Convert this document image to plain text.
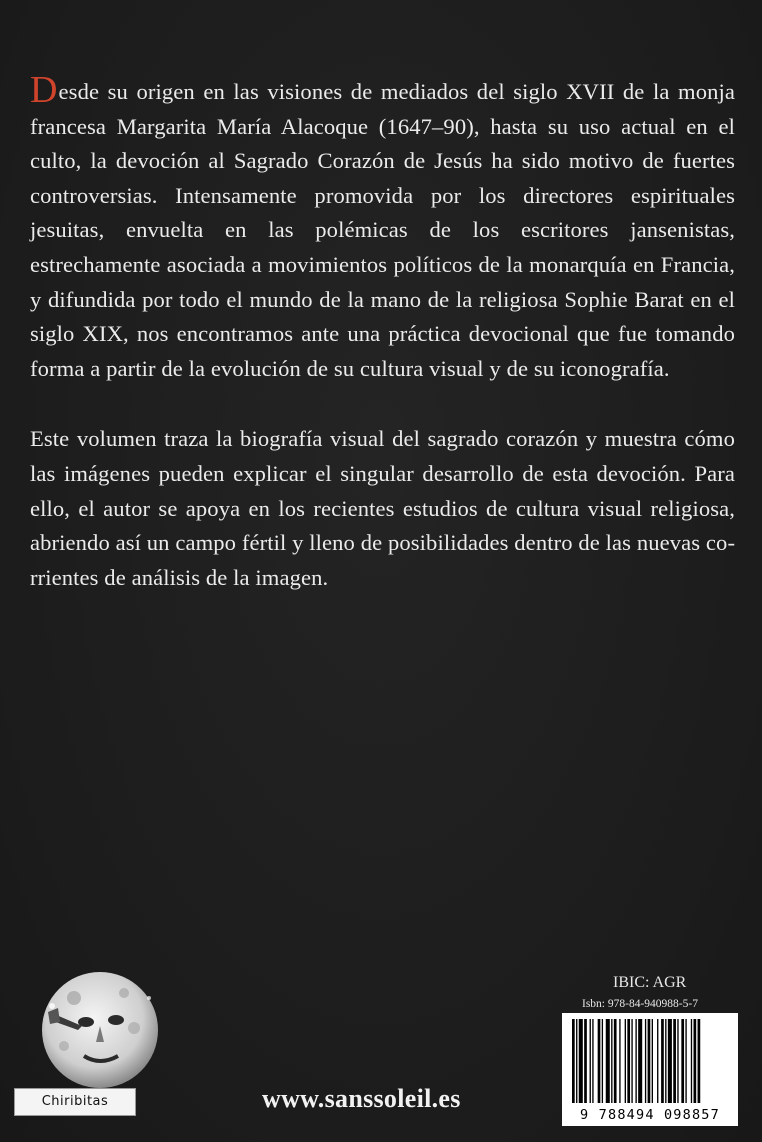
Desde su origen en las visiones de mediados del siglo XVII de la monja francesa Margarita María Alacoque (1647–90), hasta su uso actual en el culto, la devoción al Sagrado Corazón de Jesús ha sido motivo de fuertes controversias. Intensamente promovida por los directores espirituales jesuitas, envuelta en las polémicas de los escritores jansenistas, estrechamente asociada a movimientos políticos de la monarquía en Francia, y difundida por todo el mundo de la mano de la religiosa Sophie Barat en el siglo XIX, nos encontramos ante una práctica devocional que fue tomando forma a partir de la evolución de su cultura visual y de su iconografía.

Este volumen traza la biografía visual del sagrado corazón y muestra cómo las imágenes pueden explicar el singular desarrollo de esta devoción. Para ello, el autor se apoya en los recientes estudios de cultura visual religiosa, abriendo así un campo fértil y lleno de posibilidades dentro de las nuevas corrientes de análisis de la imagen.

Chiribitas	www.sanssoleil.es
IBIC: AGR
Isbn: 978-84-940988-5-7
9 788494 098857
